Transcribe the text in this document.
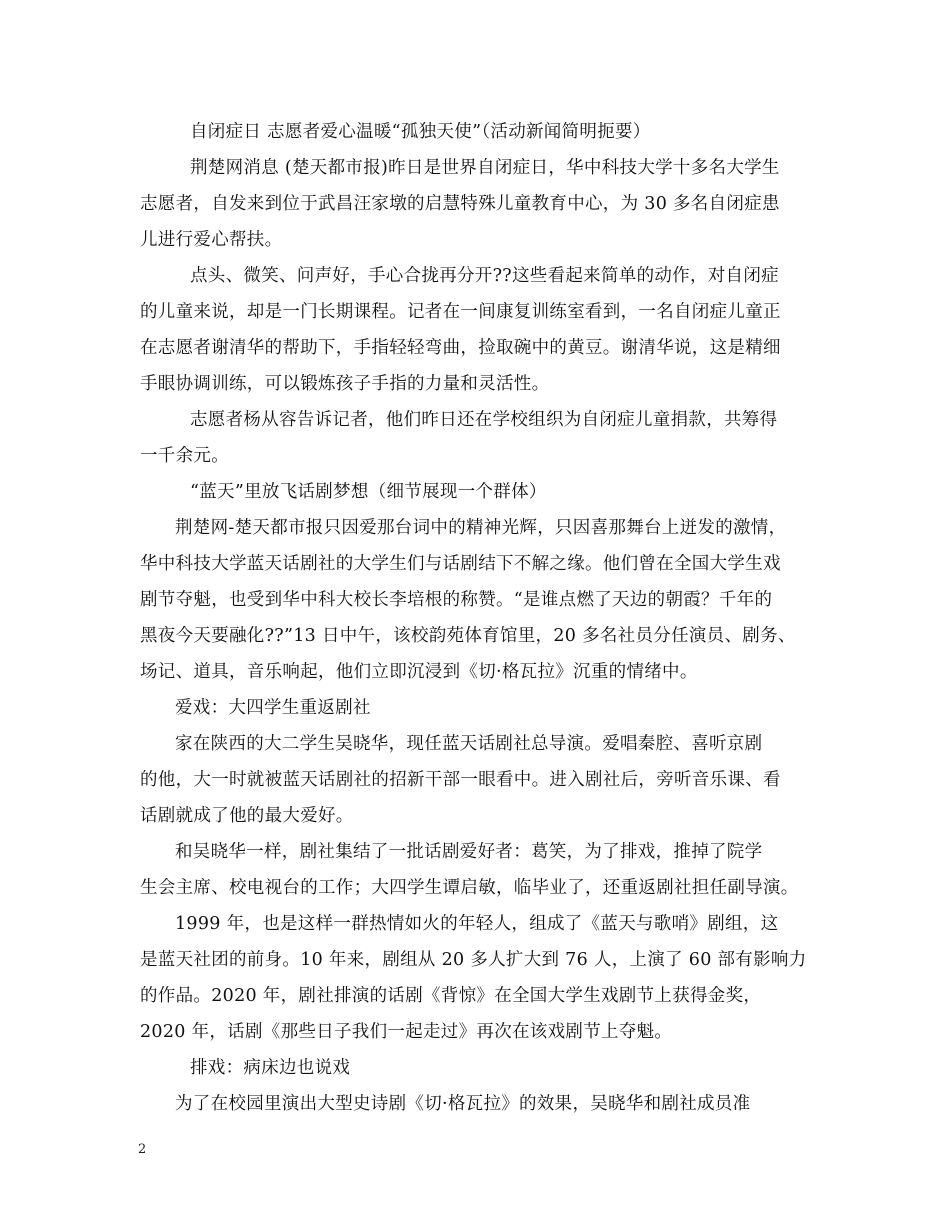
自闭症日 志愿者爱心温暖“孤独天使”（活动新闻简明扼要）
荆楚网消息 (楚天都市报)昨日是世界自闭症日，华中科技大学十多名大学生
志愿者，自发来到位于武昌汪家墩的启慧特殊儿童教育中心，为 30 多名自闭症患
儿进行爱心帮扶。
点头、微笑、问声好，手心合拢再分开??这些看起来简单的动作，对自闭症
的儿童来说，却是一门长期课程。记者在一间康复训练室看到，一名自闭症儿童正
在志愿者谢清华的帮助下，手指轻轻弯曲，捡取碗中的黄豆。谢清华说，这是精细
手眼协调训练，可以锻炼孩子手指的力量和灵活性。
志愿者杨从容告诉记者，他们昨日还在学校组织为自闭症儿童捐款，共筹得
一千余元。
“蓝天”里放飞话剧梦想（细节展现一个群体）
荆楚网-楚天都市报只因爱那台词中的精神光辉，只因喜那舞台上迸发的激情，
华中科技大学蓝天话剧社的大学生们与话剧结下不解之缘。他们曾在全国大学生戏
剧节夺魁，也受到华中科大校长李培根的称赞。“是谁点燃了天边的朝霞？千年的
黑夜今天要融化??”13 日中午，该校韵苑体育馆里，20 多名社员分任演员、剧务、
场记、道具，音乐响起，他们立即沉浸到《切·格瓦拉》沉重的情绪中。
爱戏：大四学生重返剧社
家在陕西的大二学生吴晓华，现任蓝天话剧社总导演。爱唱秦腔、喜听京剧
的他，大一时就被蓝天话剧社的招新干部一眼看中。进入剧社后，旁听音乐课、看
话剧就成了他的最大爱好。
和吴晓华一样，剧社集结了一批话剧爱好者：葛笑，为了排戏，推掉了院学
生会主席、校电视台的工作；大四学生谭启敏，临毕业了，还重返剧社担任副导演。
1999 年，也是这样一群热情如火的年轻人，组成了《蓝天与歌哨》剧组，这
是蓝天社团的前身。10 年来，剧组从 20 多人扩大到 76 人，上演了 60 部有影响力
的作品。2020 年，剧社排演的话剧《背惊》在全国大学生戏剧节上获得金奖，
2020 年，话剧《那些日子我们一起走过》再次在该戏剧节上夺魁。
排戏：病床边也说戏
为了在校园里演出大型史诗剧《切·格瓦拉》的效果，吴晓华和剧社成员准
2
